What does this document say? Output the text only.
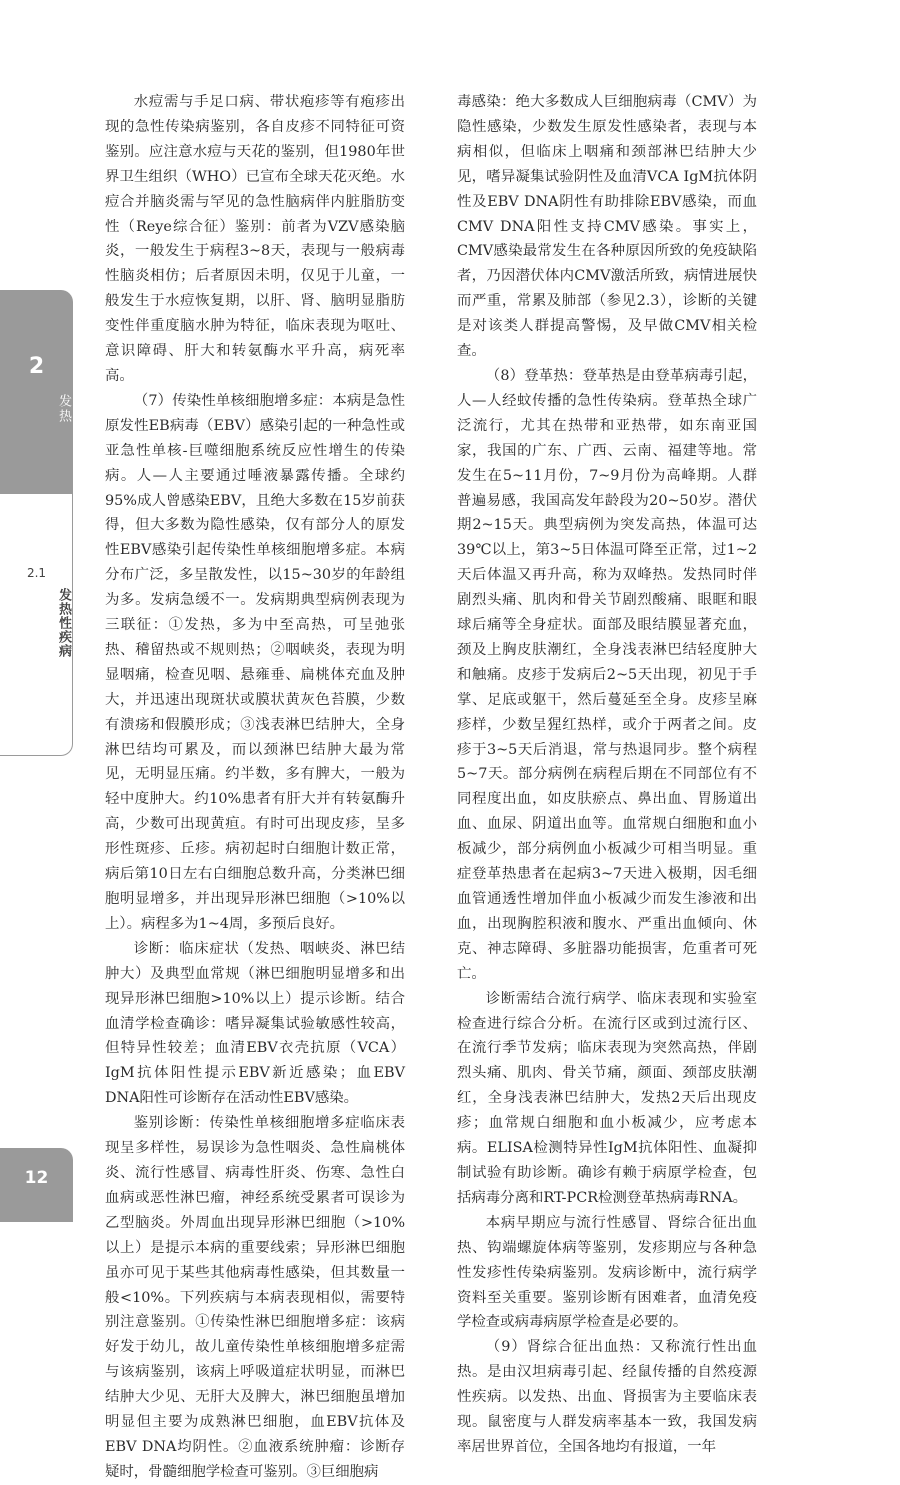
2
发热
2.1
发热性疾病
12

水痘需与手足口病、带状疱疹等有疱疹出现的急性传染病鉴别，各自皮疹不同特征可资鉴别。应注意水痘与天花的鉴别，但1980年世界卫生组织（WHO）已宣布全球天花灭绝。水痘合并脑炎需与罕见的急性脑病伴内脏脂肪变性（Reye综合征）鉴别：前者为VZV感染脑炎，一般发生于病程3~8天，表现与一般病毒性脑炎相仿；后者原因未明，仅见于儿童，一般发生于水痘恢复期，以肝、肾、脑明显脂肪变性伴重度脑水肿为特征，临床表现为呕吐、意识障碍、肝大和转氨酶水平升高，病死率高。

（7）传染性单核细胞增多症：本病是急性原发性EB病毒（EBV）感染引起的一种急性或亚急性单核-巨噬细胞系统反应性增生的传染病。人—人主要通过唾液暴露传播。全球约95%成人曾感染EBV，且绝大多数在15岁前获得，但大多数为隐性感染，仅有部分人的原发性EBV感染引起传染性单核细胞增多症。本病分布广泛，多呈散发性，以15~30岁的年龄组为多。发病急缓不一。发病期典型病例表现为三联征：①发热，多为中至高热，可呈弛张热、稽留热或不规则热；②咽峡炎，表现为明显咽痛，检查见咽、悬雍垂、扁桃体充血及肿大，并迅速出现斑状或膜状黄灰色苔膜，少数有溃疡和假膜形成；③浅表淋巴结肿大，全身淋巴结均可累及，而以颈淋巴结肿大最为常见，无明显压痛。约半数，多有脾大，一般为轻中度肿大。约10%患者有肝大并有转氨酶升高，少数可出现黄疸。有时可出现皮疹，呈多形性斑疹、丘疹。病初起时白细胞计数正常，病后第10日左右白细胞总数升高，分类淋巴细胞明显增多，并出现异形淋巴细胞（>10%以上）。病程多为1~4周，多预后良好。

诊断：临床症状（发热、咽峡炎、淋巴结肿大）及典型血常规（淋巴细胞明显增多和出现异形淋巴细胞>10%以上）提示诊断。结合血清学检查确诊：嗜异凝集试验敏感性较高，但特异性较差；血清EBV衣壳抗原（VCA）IgM抗体阳性提示EBV新近感染；血EBV DNA阳性可诊断存在活动性EBV感染。

鉴别诊断：传染性单核细胞增多症临床表现呈多样性，易误诊为急性咽炎、急性扁桃体炎、流行性感冒、病毒性肝炎、伤寒、急性白血病或恶性淋巴瘤，神经系统受累者可误诊为乙型脑炎。外周血出现异形淋巴细胞（>10%以上）是提示本病的重要线索；异形淋巴细胞虽亦可见于某些其他病毒性感染，但其数量一般<10%。下列疾病与本病表现相似，需要特别注意鉴别。①传染性淋巴细胞增多症：该病好发于幼儿，故儿童传染性单核细胞增多症需与该病鉴别，该病上呼吸道症状明显，而淋巴结肿大少见、无肝大及脾大，淋巴细胞虽增加明显但主要为成熟淋巴细胞，血EBV抗体及EBV DNA均阴性。②血液系统肿瘤：诊断存疑时，骨髓细胞学检查可鉴别。③巨细胞病

毒感染：绝大多数成人巨细胞病毒（CMV）为隐性感染，少数发生原发性感染者，表现与本病相似，但临床上咽痛和颈部淋巴结肿大少见，嗜异凝集试验阴性及血清VCA IgM抗体阴性及EBV DNA阴性有助排除EBV感染，而血CMV DNA阳性支持CMV感染。事实上，CMV感染最常发生在各种原因所致的免疫缺陷者，乃因潜伏体内CMV激活所致，病情进展快而严重，常累及肺部（参见2.3），诊断的关键是对该类人群提高警惕，及早做CMV相关检查。

（8）登革热：登革热是由登革病毒引起，人—人经蚊传播的急性传染病。登革热全球广泛流行，尤其在热带和亚热带，如东南亚国家，我国的广东、广西、云南、福建等地。常发生在5~11月份，7~9月份为高峰期。人群普遍易感，我国高发年龄段为20~50岁。潜伏期2~15天。典型病例为突发高热，体温可达39℃以上，第3~5日体温可降至正常，过1~2天后体温又再升高，称为双峰热。发热同时伴剧烈头痛、肌肉和骨关节剧烈酸痛、眼眶和眼球后痛等全身症状。面部及眼结膜显著充血，颈及上胸皮肤潮红，全身浅表淋巴结轻度肿大和触痛。皮疹于发病后2~5天出现，初见于手掌、足底或躯干，然后蔓延至全身。皮疹呈麻疹样，少数呈猩红热样，或介于两者之间。皮疹于3~5天后消退，常与热退同步。整个病程5~7天。部分病例在病程后期在不同部位有不同程度出血，如皮肤瘀点、鼻出血、胃肠道出血、血尿、阴道出血等。血常规白细胞和血小板减少，部分病例血小板减少可相当明显。重症登革热患者在起病3~7天进入极期，因毛细血管通透性增加伴血小板减少而发生渗液和出血，出现胸腔积液和腹水、严重出血倾向、休克、神志障碍、多脏器功能损害，危重者可死亡。

诊断需结合流行病学、临床表现和实验室检查进行综合分析。在流行区或到过流行区、在流行季节发病；临床表现为突然高热，伴剧烈头痛、肌肉、骨关节痛，颜面、颈部皮肤潮红，全身浅表淋巴结肿大，发热2天后出现皮疹；血常规白细胞和血小板减少，应考虑本病。ELISA检测特异性IgM抗体阳性、血凝抑制试验有助诊断。确诊有赖于病原学检查，包括病毒分离和RT-PCR检测登革热病毒RNA。

本病早期应与流行性感冒、肾综合征出血热、钩端螺旋体病等鉴别，发疹期应与各种急性发疹性传染病鉴别。发病诊断中，流行病学资料至关重要。鉴别诊断有困难者，血清免疫学检查或病毒病原学检查是必要的。

（9）肾综合征出血热：又称流行性出血热。是由汉坦病毒引起、经鼠传播的自然疫源性疾病。以发热、出血、肾损害为主要临床表现。鼠密度与人群发病率基本一致，我国发病率居世界首位，全国各地均有报道，一年
